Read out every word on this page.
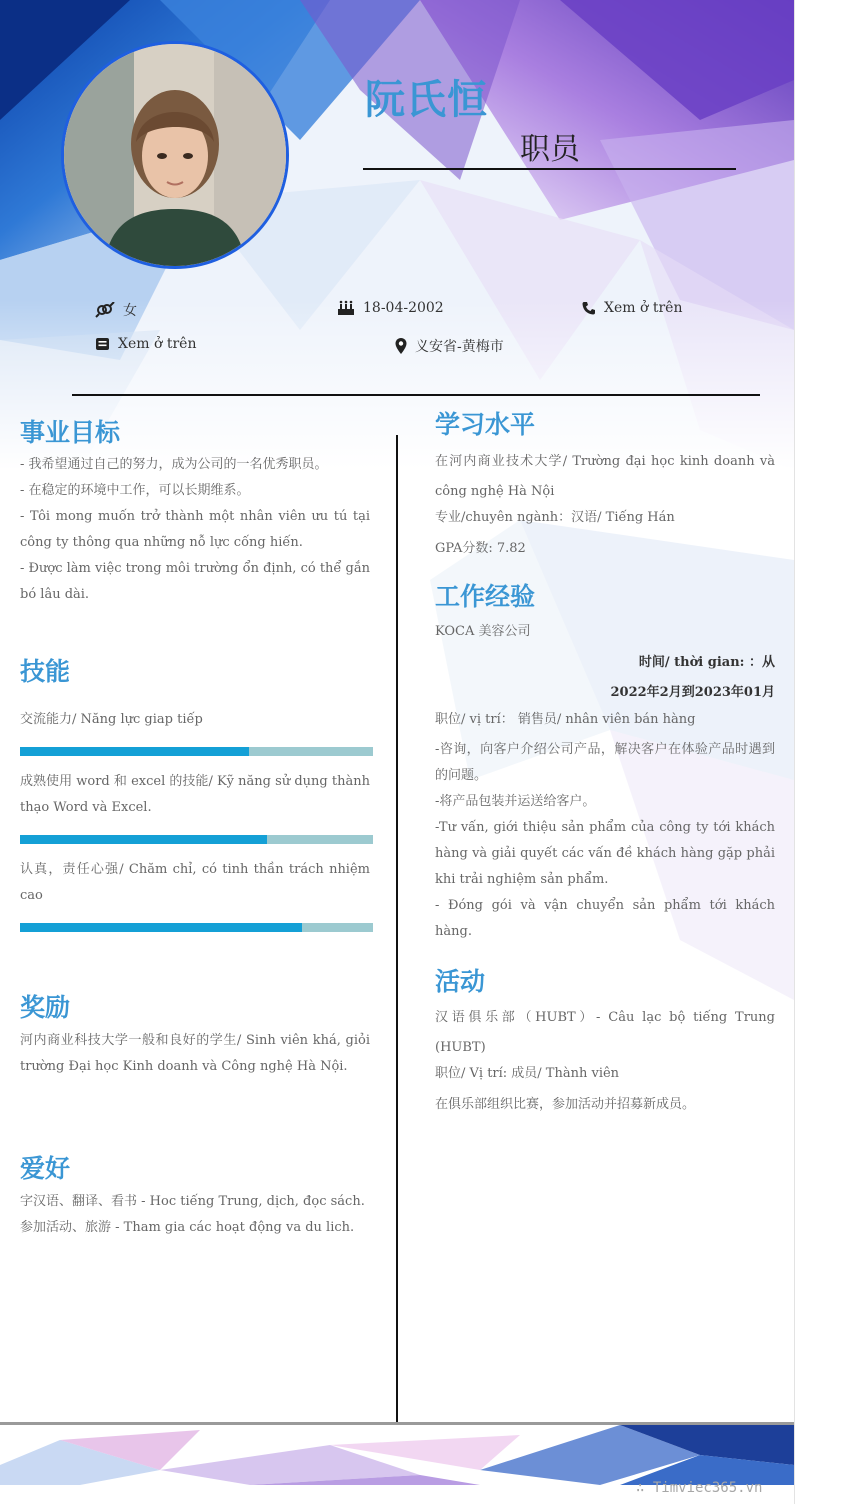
阮氏恒
职员
女	18-04-2002	Xem ở trên
Xem ở trên	义安省-黄梅市
事业目标

- 我希望通过自己的努力，成为公司的一名优秀职员。

- 在稳定的环境中工作，可以长期维系。

- Tôi mong muốn trở thành một nhân viên ưu tú tại công ty thông qua những nỗ lực cống hiến.

- Được làm việc trong môi trường ổn định, có thể gắn bó lâu dài.

技能
交流能力/ Năng lực giap tiếp
成熟使用 word 和 excel 的技能/ Kỹ năng sử dụng thành thạo Word và Excel.
认真，责任心强/ Chăm chỉ, có tinh thần trách nhiệm cao
奖励
河内商业科技大学一般和良好的学生/ Sinh viên khá, giỏi trường Đại học Kinh doanh và Công nghệ Hà Nội.
爱好

字汉语、翻译、看书 - Hoc tiếng Trung, dịch, đọc sách.

参加活动、旅游 - Tham gia các hoạt động va du lich.

学习水平
在河内商业技术大学/ Trường đại học kinh doanh và công nghệ Hà Nội
专业/chuyên ngành：汉语/ Tiếng Hán
GPA分数: 7.82
工作经验
KOCA 美容公司

时间/ thời gian: ：从

2022年2月到2023年01月

职位/ vị trí： 销售员/ nhân viên bán hàng

-咨询，向客户介绍公司产品，解决客户在体验产品时遇到的问题。

-将产品包装并运送给客户。

-Tư vấn, giới thiệu sản phẩm của công ty tới khách hàng và giải quyết các vấn đề khách hàng gặp phải khi trải nghiệm sản phẩm.

- Đóng gói và vận chuyển sản phẩm tới khách hàng.

活动
汉语俱乐部（HUBT）- Câu lạc bộ tiếng Trung (HUBT)
职位/ Vị trí: 成员/ Thành viên
在俱乐部组织比赛，参加活动并招募新成员。
∴ Timviec365.vn
